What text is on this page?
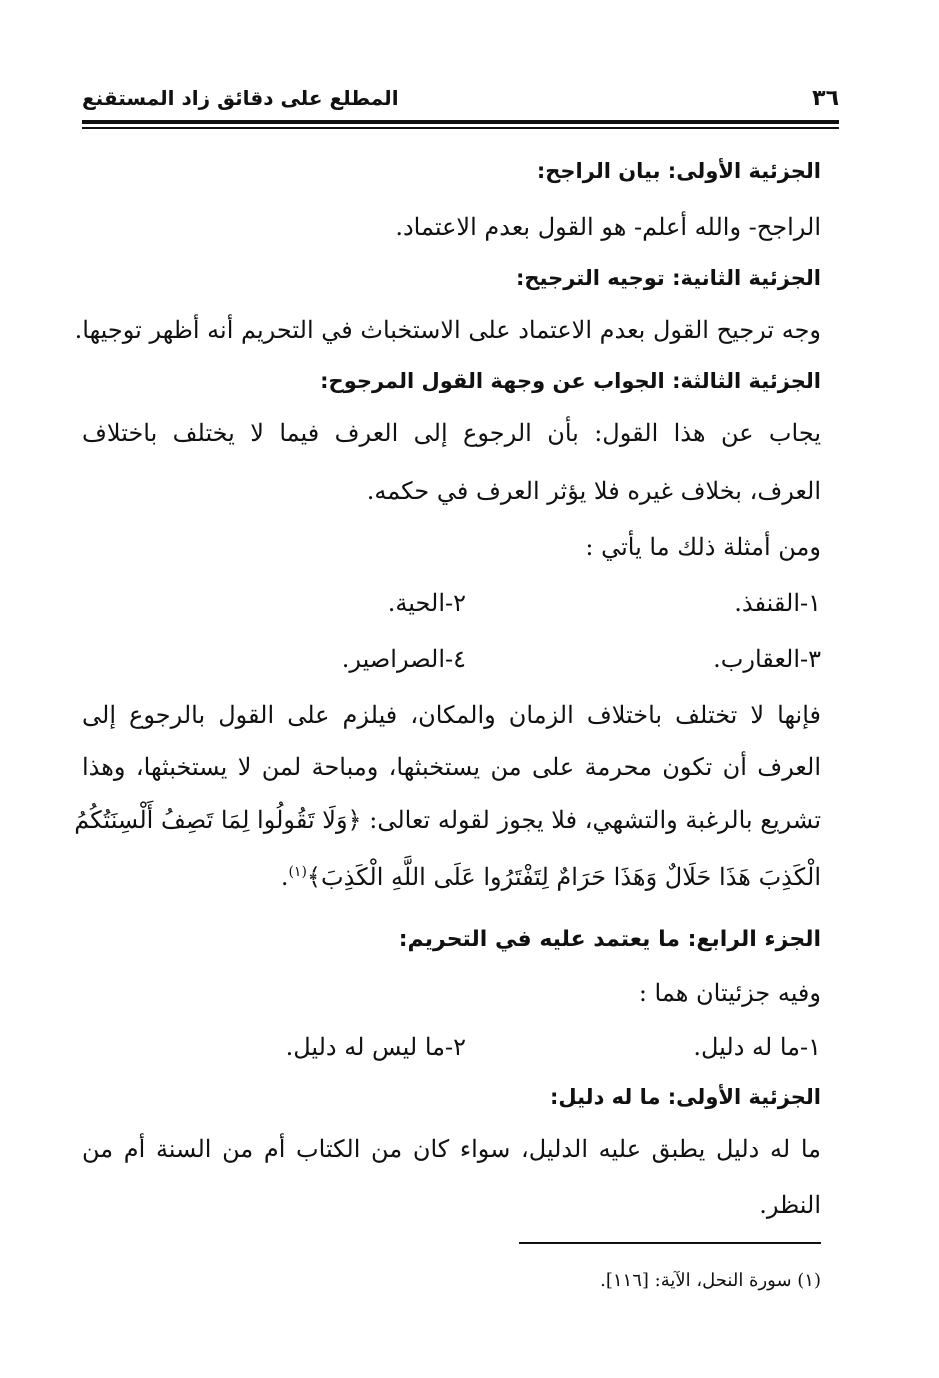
٣٦
المطلع على دقائق زاد المستقنع
الجزئية الأولى: بيان الراجح:
الراجح- والله أعلم- هو القول بعدم الاعتماد.
الجزئية الثانية: توجيه الترجيح:
وجه ترجيح القول بعدم الاعتماد على الاستخباث في التحريم أنه أظهر توجيها.
الجزئية الثالثة: الجواب عن وجهة القول المرجوح:
يجاب عن هذا القول: بأن الرجوع إلى العرف فيما لا يختلف باختلاف
العرف، بخلاف غيره فلا يؤثر العرف في حكمه.
ومن أمثلة ذلك ما يأتي :
١-القنفذ.
٢-الحية.
٣-العقارب.
٤-الصراصير.
فإنها لا تختلف باختلاف الزمان والمكان، فيلزم على القول بالرجوع إلى
العرف أن تكون محرمة على من يستخبثها، ومباحة لمن لا يستخبثها، وهذا
تشريع بالرغبة والتشهي، فلا يجوز لقوله تعالى: ﴿وَلَا تَقُولُوا لِمَا تَصِفُ أَلْسِنَتُكُمُ
الْكَذِبَ هَذَا حَلَالٌ وَهَذَا حَرَامٌ لِتَفْتَرُوا عَلَى اللَّهِ الْكَذِبَ﴾$^{(١)}$.
الجزء الرابع: ما يعتمد عليه في التحريم:
وفيه جزئيتان هما :
١-ما له دليل.
٢-ما ليس له دليل.
الجزئية الأولى: ما له دليل:
ما له دليل يطبق عليه الدليل، سواء كان من الكتاب أم من السنة أم من
النظر.
(١) سورة النحل، الآية: [١١٦].
